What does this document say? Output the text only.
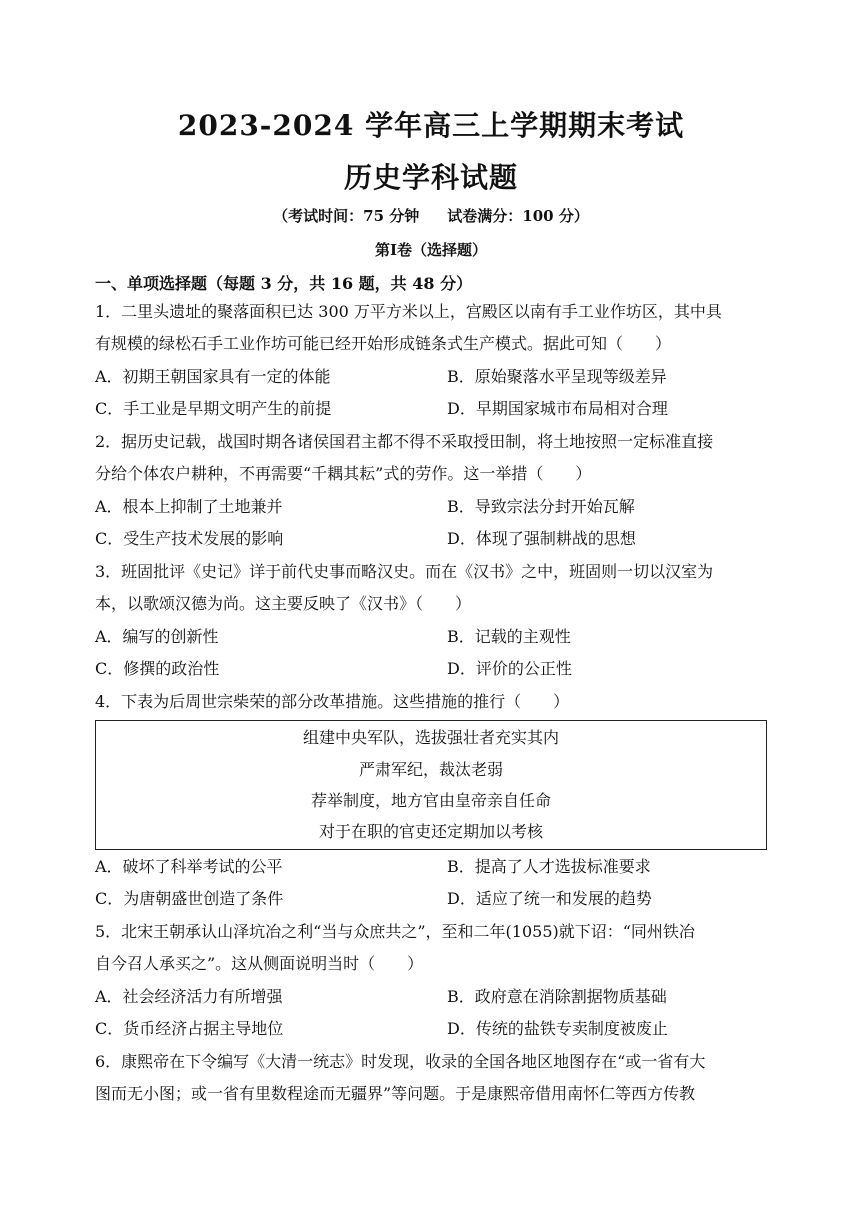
2023-2024 学年高三上学期期末考试
历史学科试题
（考试时间：75 分钟 试卷满分：100 分）
第Ⅰ卷（选择题）
一、单项选择题（每题 3 分，共 16 题，共 48 分）
1．二里头遗址的聚落面积已达 300 万平方米以上，宫殿区以南有手工业作坊区，其中具
有规模的绿松石手工业作坊可能已经开始形成链条式生产模式。据此可知（　　）
A．初期王朝国家具有一定的体能	B．原始聚落水平呈现等级差异
C．手工业是早期文明产生的前提	D．早期国家城市布局相对合理
2．据历史记载，战国时期各诸侯国君主都不得不采取授田制，将土地按照一定标准直接
分给个体农户耕种，不再需要“千耦其耘”式的劳作。这一举措（　　）
A．根本上抑制了土地兼并	B．导致宗法分封开始瓦解
C．受生产技术发展的影响	D．体现了强制耕战的思想
3．班固批评《史记》详于前代史事而略汉史。而在《汉书》之中，班固则一切以汉室为
本，以歌颂汉德为尚。这主要反映了《汉书》（　　）
A．编写的创新性	B．记载的主观性
C．修撰的政治性	D．评价的公正性
4．下表为后周世宗柴荣的部分改革措施。这些措施的推行（　　）
组建中央军队，选拔强壮者充实其内
严肃军纪，裁汰老弱
荐举制度，地方官由皇帝亲自任命
对于在职的官吏还定期加以考核
A．破坏了科举考试的公平	B．提高了人才选拔标准要求
C．为唐朝盛世创造了条件	D．适应了统一和发展的趋势
5．北宋王朝承认山泽坑冶之利“当与众庶共之”，至和二年(1055)就下诏：“同州铁冶
自今召人承买之”。这从侧面说明当时（　　）
A．社会经济活力有所增强	B．政府意在消除割据物质基础
C．货币经济占据主导地位	D．传统的盐铁专卖制度被废止
6．康熙帝在下令编写《大清一统志》时发现，收录的全国各地区地图存在“或一省有大
图而无小图；或一省有里数程途而无疆界”等问题。于是康熙帝借用南怀仁等西方传教
